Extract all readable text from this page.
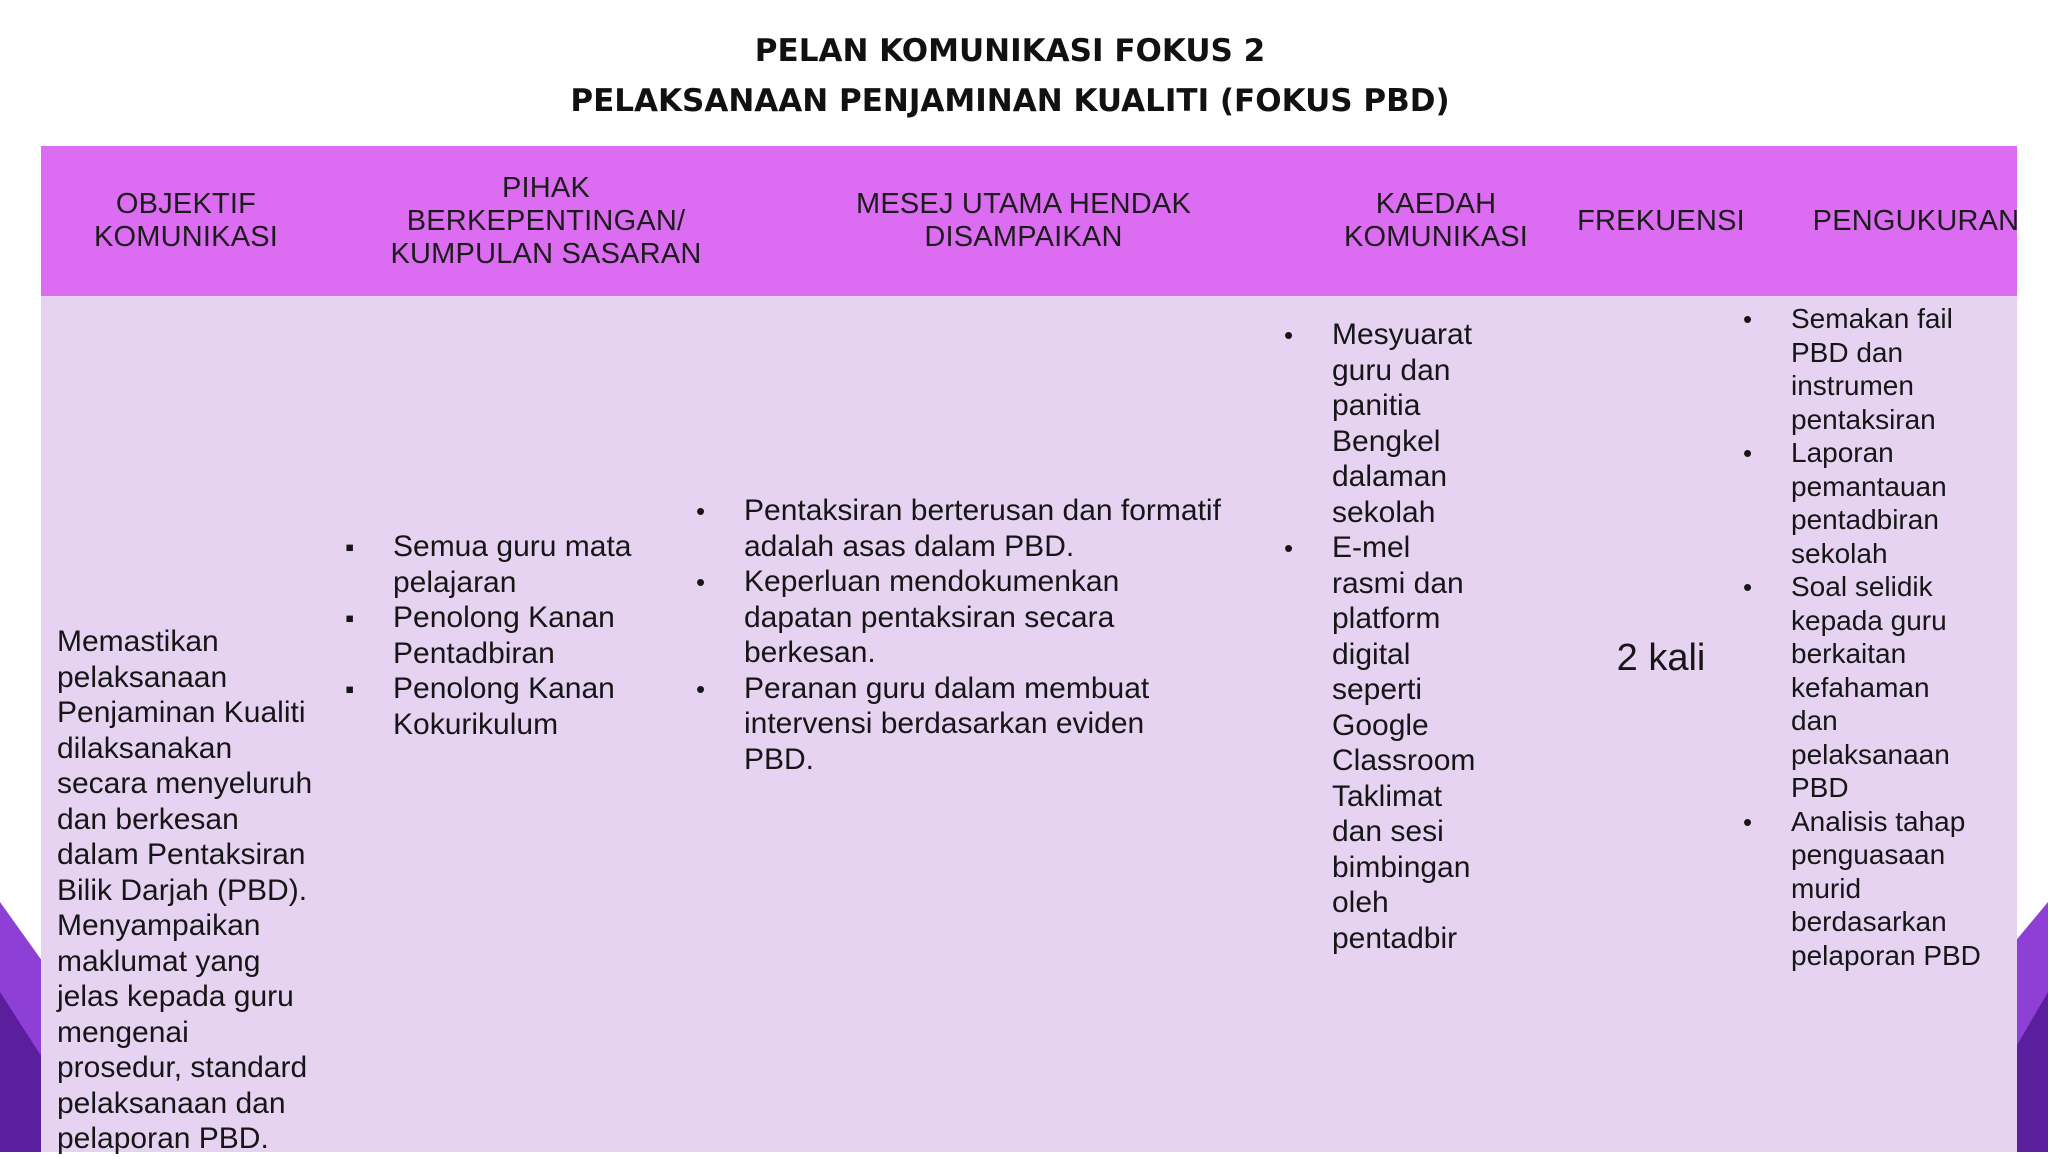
PELAN KOMUNIKASI FOKUS 2
PELAKSANAAN PENJAMINAN KUALITI (FOKUS PBD)
OBJEKTIF
KOMUNIKASI
PIHAK
BERKEPENTINGAN/
KUMPULAN SASARAN
MESEJ UTAMA HENDAK
DISAMPAIKAN
KAEDAH
KOMUNIKASI
FREKUENSI PENGUKURAN

Memastikan
pelaksanaan
Penjaminan Kualiti
dilaksanakan
secara menyeluruh
dan berkesan
dalam Pentaksiran
Bilik Darjah (PBD).
Menyampaikan
maklumat yang
jelas kepada guru
mengenai
prosedur, standard
pelaksanaan dan
pelaporan PBD.

▪
Semua guru mata
pelajaran
▪
Penolong Kanan
Pentadbiran
▪
Penolong Kanan
Kokurikulum
•
Pentaksiran berterusan dan formatif
adalah asas dalam PBD.
•
Keperluan mendokumenkan
dapatan pentaksiran secara
berkesan.
•
Peranan guru dalam membuat
intervensi berdasarkan eviden
PBD.
•
Mesyuarat
guru dan
panitia
Bengkel
dalaman
sekolah
•
E-mel
rasmi dan
platform
digital
seperti
Google
Classroom
Taklimat
dan sesi
bimbingan
oleh
pentadbir
2 kali
•
Semakan fail
PBD dan
instrumen
pentaksiran
•
Laporan
pemantauan
pentadbiran
sekolah
•
Soal selidik
kepada guru
berkaitan
kefahaman
dan
pelaksanaan
PBD
•
Analisis tahap
penguasaan
murid
berdasarkan
pelaporan PBD
